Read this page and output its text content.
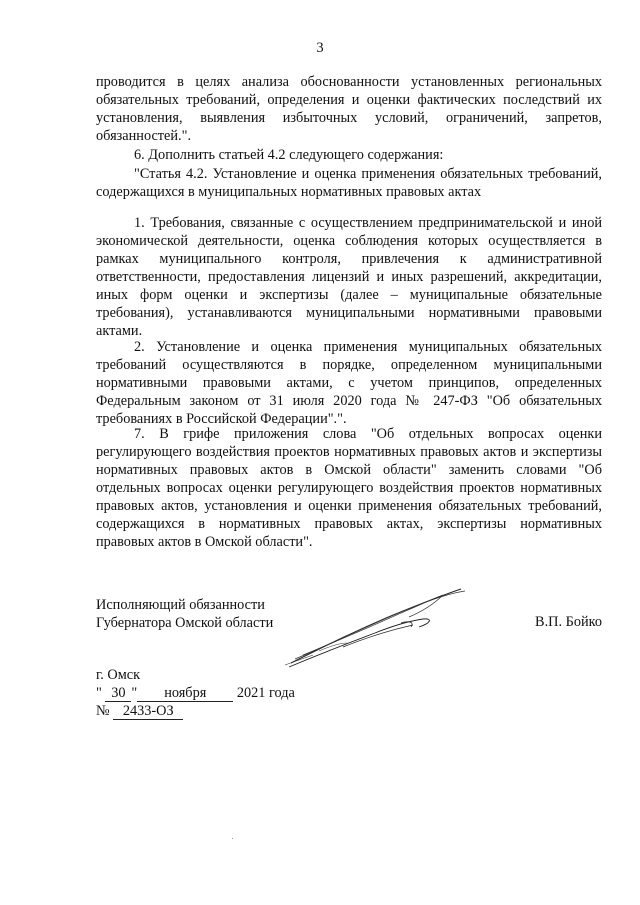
3

проводится в целях анализа обоснованности установленных региональных обязательных требований, определения и оценки фактических последствий их установления, выявления избыточных условий, ограничений, запретов, обязанностей.".

6. Дополнить статьей 4.2 следующего содержания:

"Статья 4.2. Установление и оценка применения обязательных требований, содержащихся в муниципальных нормативных правовых актах

1. Требования, связанные с осуществлением предпринимательской и иной экономической деятельности, оценка соблюдения которых осуществляется в рамках муниципального контроля, привлечения к административной ответственности, предоставления лицензий и иных разрешений, аккредитации, иных форм оценки и экспертизы (далее – муниципальные обязательные требования), устанавливаются муниципальными нормативными правовыми актами.

2. Установление и оценка применения муниципальных обязательных требований осуществляются в порядке, определенном муниципальными нормативными правовыми актами, с учетом принципов, определенных Федеральным законом от 31 июля 2020 года № 247-ФЗ "Об обязательных требованиях в Российской Федерации".".

7. В грифе приложения слова "Об отдельных вопросах оценки регулирующего воздействия проектов нормативных правовых актов и экспертизы нормативных правовых актов в Омской области" заменить словами "Об отдельных вопросах оценки регулирующего воздействия проектов нормативных правовых актов, установления и оценки применения обязательных требований, содержащихся в нормативных правовых актах, экспертизы нормативных правовых актов в Омской области".

Исполняющий обязанности
Губернатора Омской области	В.П. Бойко
г. Омск
" 30 " ноября 2021 года
№ 2433-ОЗ
